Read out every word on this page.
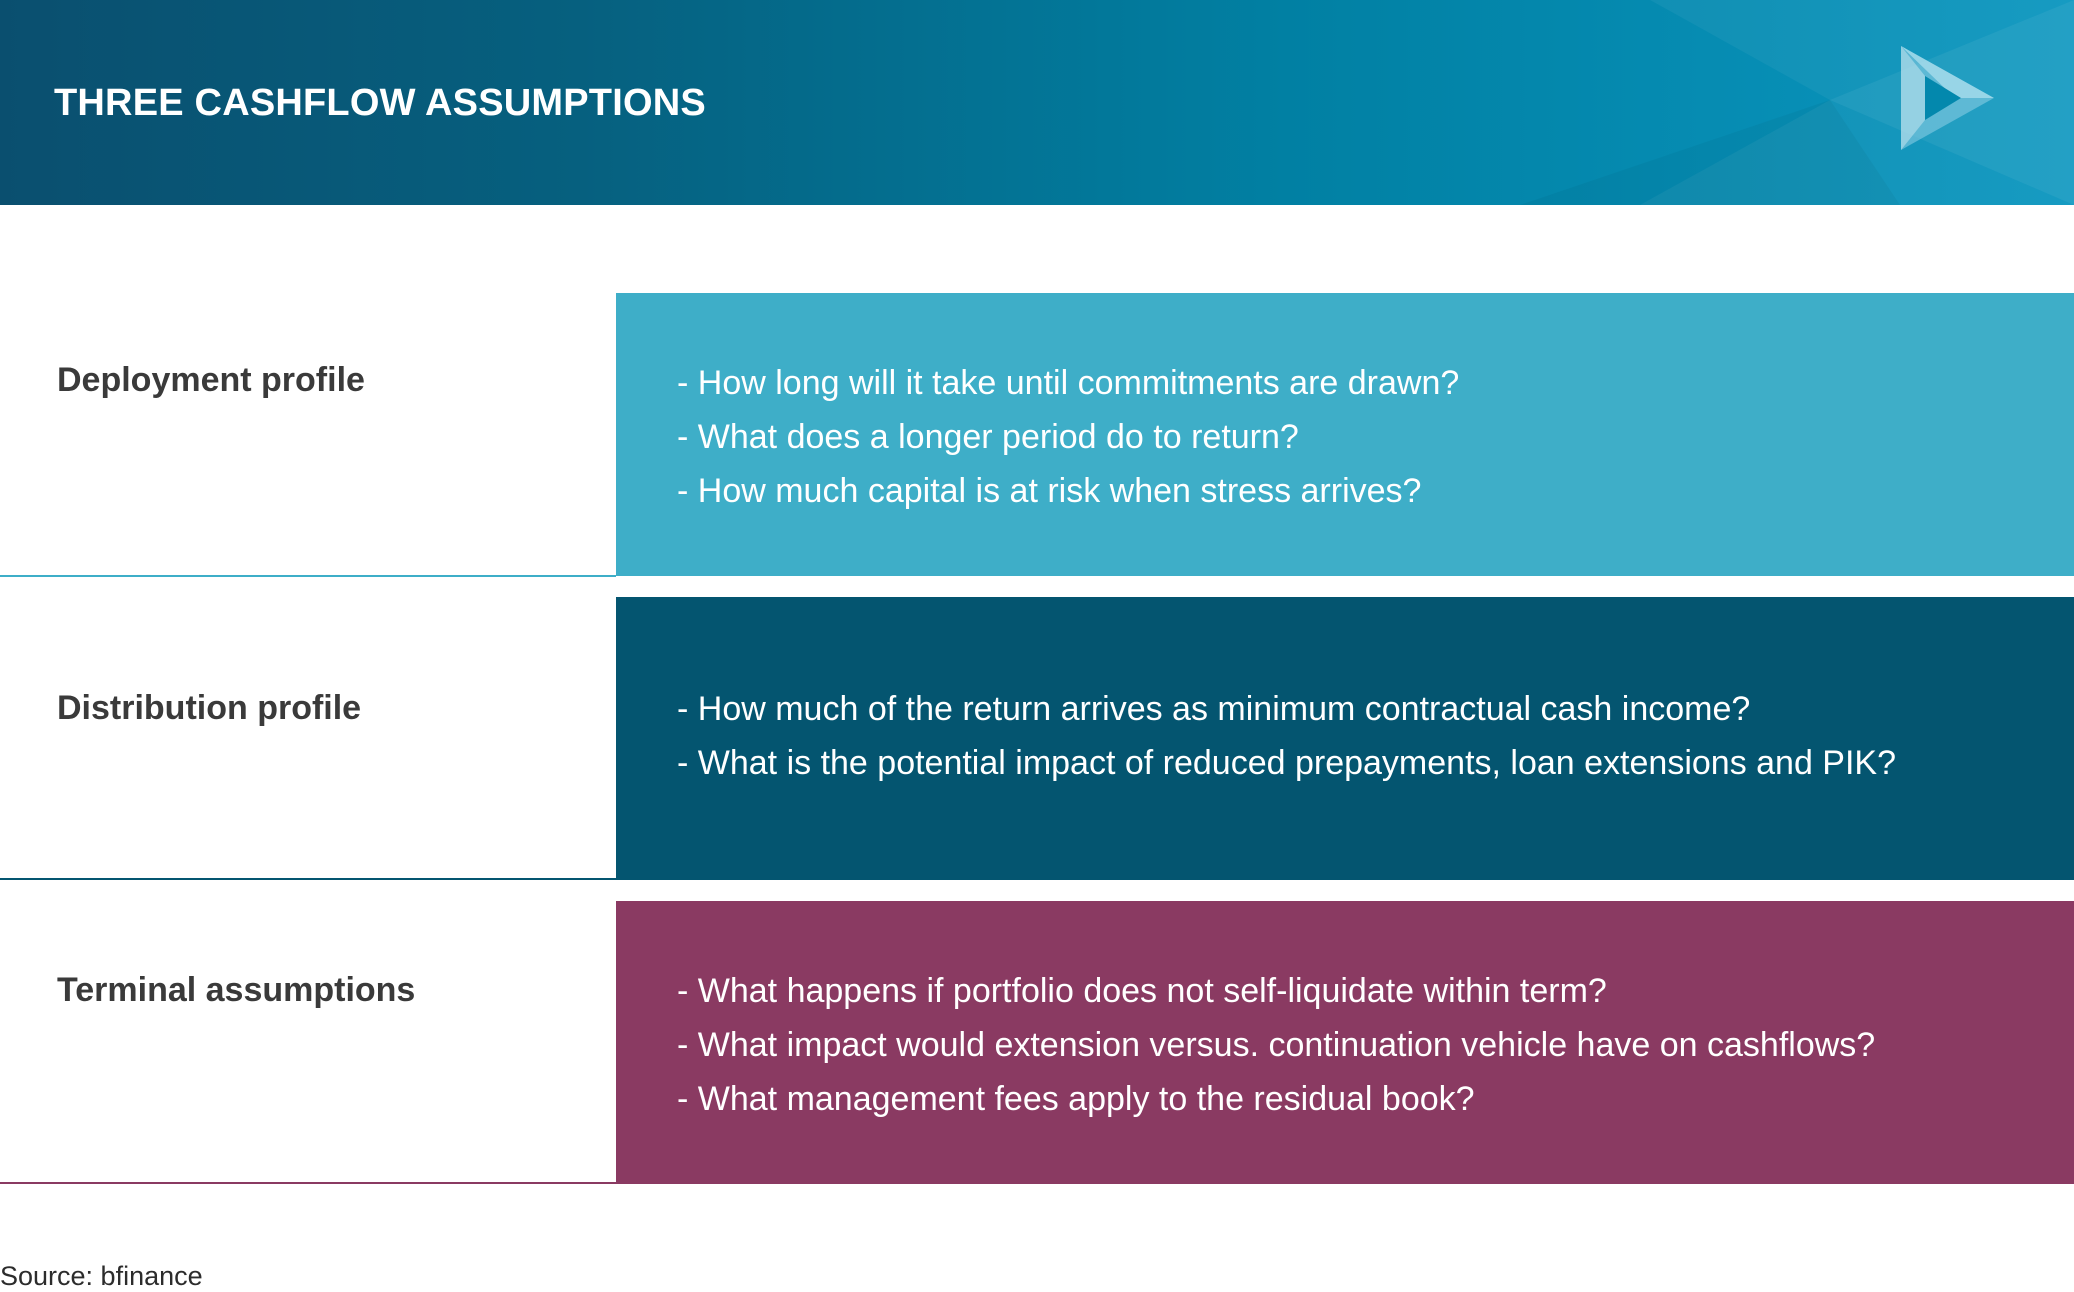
THREE CASHFLOW ASSUMPTIONS
Deployment profile	- How long will it take until commitments are drawn?
- What does a longer period do to return?
- How much capital is at risk when stress arrives?
Distribution profile	- How much of the return arrives as minimum contractual cash income?
- What is the potential impact of reduced prepayments, loan extensions and PIK?
Terminal assumptions	- What happens if portfolio does not self-liquidate within term?
- What impact would extension versus. continuation vehicle have on cashflows?
- What management fees apply to the residual book?
Source: bfinance
